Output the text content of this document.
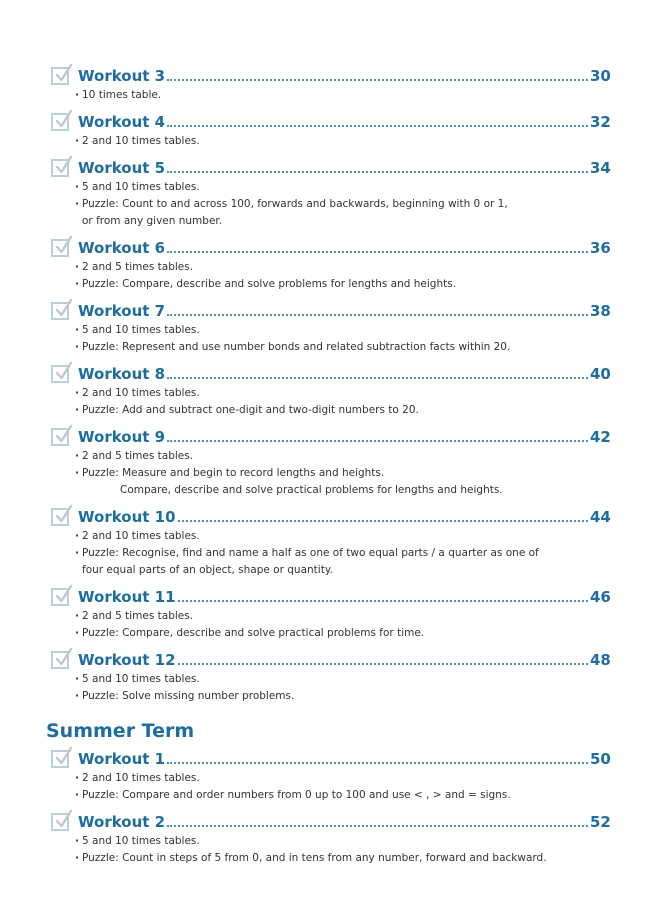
Workout 3	30
· 10 times table.
Workout 4	32
· 2 and 10 times tables.
Workout 5	34
· 5 and 10 times tables.
· Puzzle: Count to and across 100, forwards and backwards, beginning with 0 or 1,
or from any given number.
Workout 6	36
· 2 and 5 times tables.
· Puzzle: Compare, describe and solve problems for lengths and heights.
Workout 7	38
· 5 and 10 times tables.
· Puzzle: Represent and use number bonds and related subtraction facts within 20.
Workout 8	40
· 2 and 10 times tables.
· Puzzle: Add and subtract one-digit and two-digit numbers to 20.
Workout 9	42
· 2 and 5 times tables.
· Puzzle: Measure and begin to record lengths and heights.
Compare, describe and solve practical problems for lengths and heights.
Workout 10	44
· 2 and 10 times tables.
· Puzzle: Recognise, find and name a half as one of two equal parts / a quarter as one of
four equal parts of an object, shape or quantity.
Workout 11	46
· 2 and 5 times tables.
· Puzzle: Compare, describe and solve practical problems for time.
Workout 12	48
· 5 and 10 times tables.
· Puzzle: Solve missing number problems.
Summer Term
Workout 1	50
· 2 and 10 times tables.
· Puzzle: Compare and order numbers from 0 up to 100 and use < , > and = signs.
Workout 2	52
· 5 and 10 times tables.
· Puzzle: Count in steps of 5 from 0, and in tens from any number, forward and backward.
